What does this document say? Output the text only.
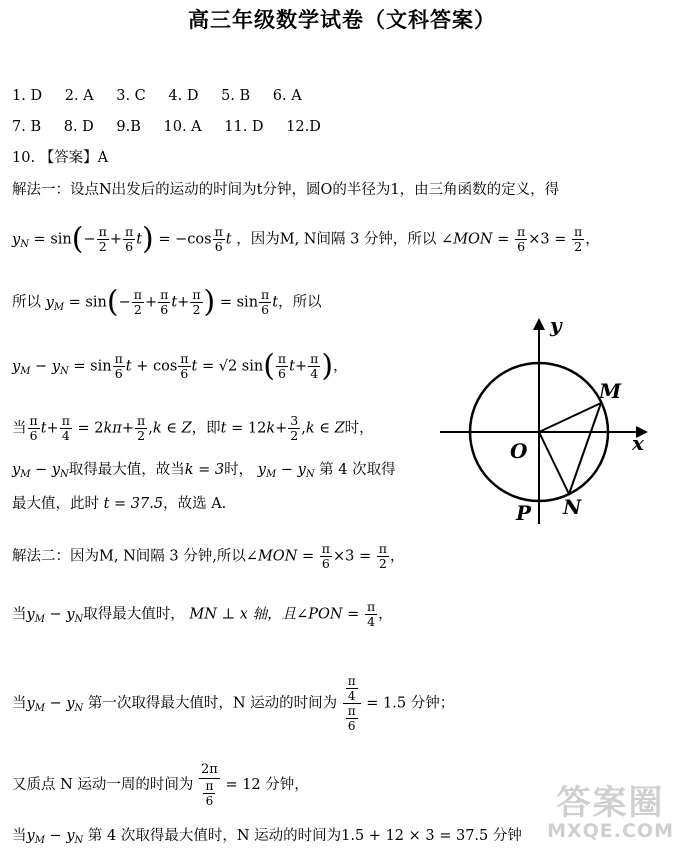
高三年级数学试卷（文科答案）
1. D 2. A 3. C 4. D 5. B 6. A
7. B 8. D 9.B 10. A 11. D 12.D
10. 【答案】A
解法一：设点N出发后的运动的时间为t分钟，圆O的半径为1，由三角函数的定义，得
$y_N = \sin(- \frac{\pi}{2} + \frac{\pi}{6} t) = -\cos \frac{\pi}{6}$ t ，因为M, N间隔 3 分钟，所以 ∠MON = $\frac{\pi}{6} \times 3 = \frac{\pi}{2}$ ，
所以 $y_M = \sin(- \frac{\pi}{2} + \frac{\pi}{6} t+ \frac{\pi}{2}$ ) = $\sin \frac{\pi}{6}$ t，所以
$y_M - y_N = \sin \frac{\pi}{6}$ $t + \cos \frac{\pi}{6}$ t = √2 $\sin( \frac{\pi}{6} t+ \frac{\pi}{4}$ )，
当 $\frac{\pi}{6} t+ \frac{\pi}{4} = 2k\pi+ \frac{\pi}{2} ,k$ ∈ Z，即$t = 12k+ \frac{3}{2} ,k$ ∈ Z时，
$y_M - y_N$取得最大值，故当k = 3时， $y_M - y_N$ 第 4 次取得
最大值，此时 t = 37.5，故选 A.
解法二：因为M, N间隔 3 分钟,所以∠MON = $\frac{\pi}{6} \times 3 = \frac{\pi}{2}$ ，
当$y_M - y_N$取得最大值时， MN ⊥ x 轴，且∠PON = $\frac{\pi}{4}$ ，
当$y_M - y_N$ 第一次取得最大值时，N 运动的时间为 $\frac{\frac{\pi}{4}}{\frac{\pi}{6}} = 1.5$ 分钟；
又质点 N 运动一周的时间为 $\frac{2\pi}{\frac{\pi}{6}} = 12$ 分钟，
当$y_M - y_N$ 第 4 次取得最大值时，N 运动的时间为1.5 + 12 × 3 = 37.5 分钟
y
x
M
O
N
P
答案圈
MXQE.COM
